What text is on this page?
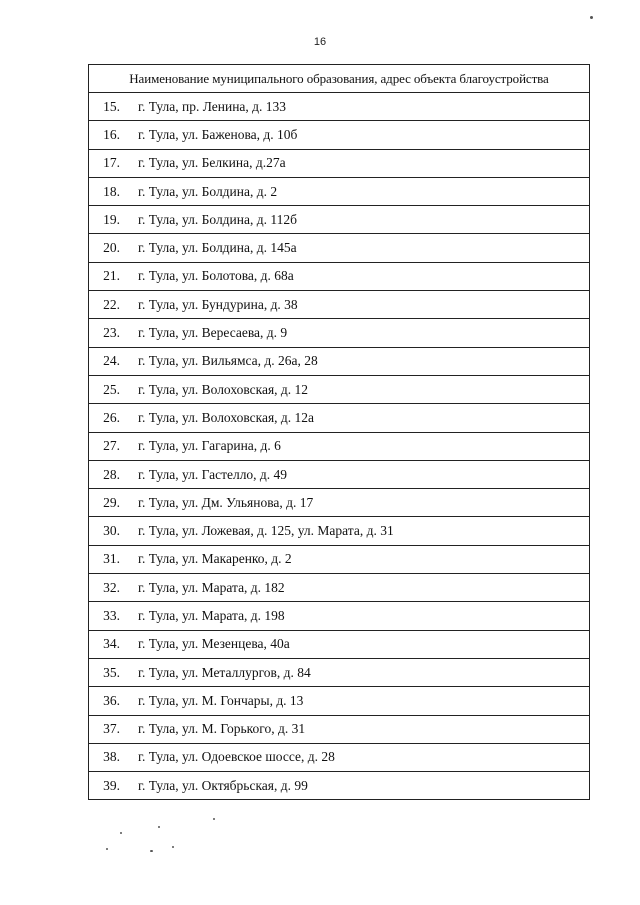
16
Наименование муниципального образования, адрес объекта благоустройства

15.	г. Тула, пр. Ленина, д. 133

16.	г. Тула, ул. Баженова, д. 10б

17.	г. Тула, ул. Белкина, д.27а

18.	г. Тула, ул. Болдина, д. 2

19.	г. Тула, ул. Болдина, д. 112б

20.	г. Тула, ул. Болдина, д. 145а

21.	г. Тула, ул. Болотова, д. 68а

22.	г. Тула, ул. Бундурина, д. 38

23.	г. Тула, ул. Вересаева, д. 9

24.	г. Тула, ул. Вильямса, д. 26а, 28

25.	г. Тула, ул. Волоховская, д. 12

26.	г. Тула, ул. Волоховская, д. 12а

27.	г. Тула, ул. Гагарина, д. 6

28.	г. Тула, ул. Гастелло, д. 49

29.	г. Тула, ул. Дм. Ульянова, д. 17

30.	г. Тула, ул. Ложевая, д. 125, ул. Марата, д. 31

31.	г. Тула, ул. Макаренко, д. 2

32.	г. Тула, ул. Марата, д. 182

33.	г. Тула, ул. Марата, д. 198

34.	г. Тула, ул. Мезенцева, 40а

35.	г. Тула, ул. Металлургов, д. 84

36.	г. Тула, ул. М. Гончары, д. 13

37.	г. Тула, ул. М. Горького, д. 31

38.	г. Тула, ул. Одоевское шоссе, д. 28

39.	г. Тула, ул. Октябрьская, д. 99
